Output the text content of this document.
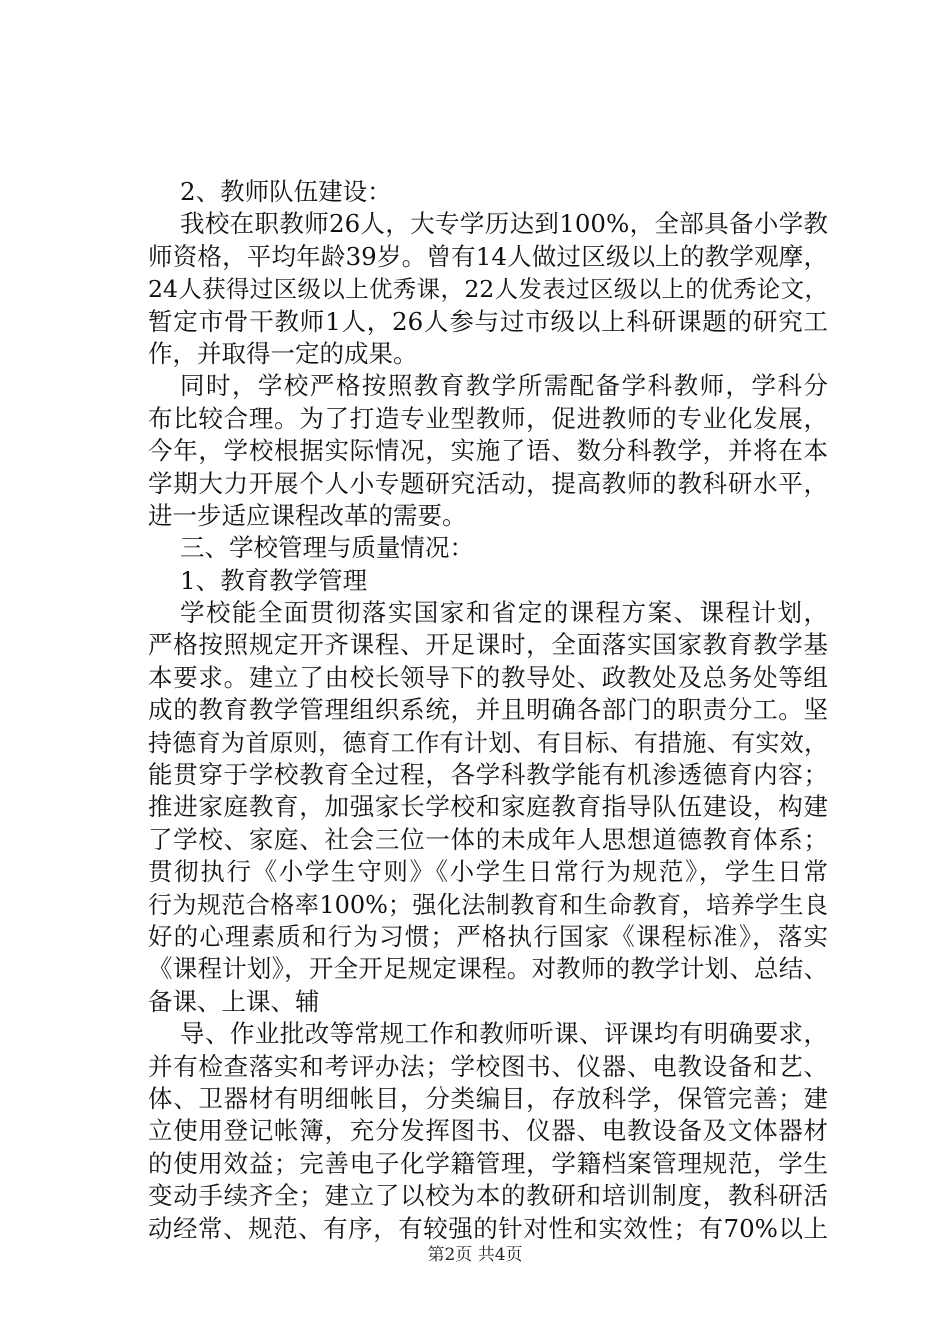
2、教师队伍建设：
我校在职教师26人，大专学历达到100%，全部具备小学教
师资格，平均年龄39岁。曾有14人做过区级以上的教学观摩，
24人获得过区级以上优秀课，22人发表过区级以上的优秀论文，
暂定市骨干教师1人，26人参与过市级以上科研课题的研究工
作，并取得一定的成果。
同时，学校严格按照教育教学所需配备学科教师，学科分
布比较合理。为了打造专业型教师，促进教师的专业化发展，
今年，学校根据实际情况，实施了语、数分科教学，并将在本
学期大力开展个人小专题研究活动，提高教师的教科研水平，
进一步适应课程改革的需要。
三、学校管理与质量情况：
1、教育教学管理
学校能全面贯彻落实国家和省定的课程方案、课程计划，
严格按照规定开齐课程、开足课时，全面落实国家教育教学基
本要求。建立了由校长领导下的教导处、政教处及总务处等组
成的教育教学管理组织系统，并且明确各部门的职责分工。坚
持德育为首原则，德育工作有计划、有目标、有措施、有实效，
能贯穿于学校教育全过程，各学科教学能有机渗透德育内容；
推进家庭教育，加强家长学校和家庭教育指导队伍建设，构建
了学校、家庭、社会三位一体的未成年人思想道德教育体系；
贯彻执行《小学生守则》《小学生日常行为规范》，学生日常
行为规范合格率100%；强化法制教育和生命教育，培养学生良
好的心理素质和行为习惯；严格执行国家《课程标准》，落实
《课程计划》，开全开足规定课程。对教师的教学计划、总结、
备课、上课、辅
导、作业批改等常规工作和教师听课、评课均有明确要求，
并有检查落实和考评办法；学校图书、仪器、电教设备和艺、
体、卫器材有明细帐目，分类编目，存放科学，保管完善；建
立使用登记帐簿，充分发挥图书、仪器、电教设备及文体器材
的使用效益；完善电子化学籍管理，学籍档案管理规范，学生
变动手续齐全；建立了以校为本的教研和培训制度，教科研活
动经常、规范、有序，有较强的针对性和实效性；有70%以上
第2页 共4页
